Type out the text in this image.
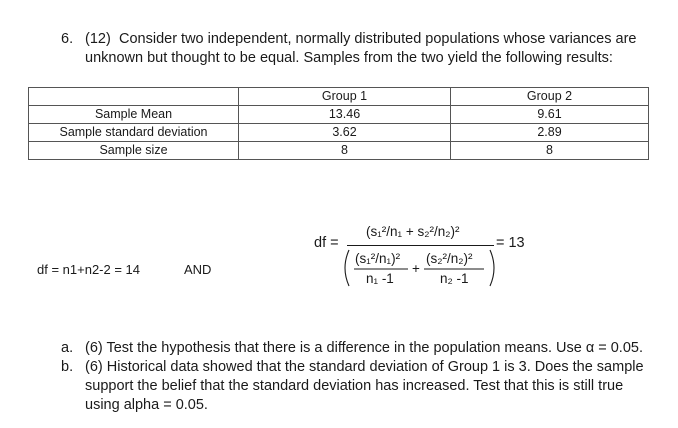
6. (12) Consider two independent, normally distributed populations whose variances are
unknown but thought to be equal. Samples from the two yield the following results:
	Group 1	Group 2
Sample Mean	13.46	9.61
Sample standard deviation	3.62	2.89
Sample size	8	8
df = n1+n2-2 = 14	AND
df =
(s₁²/n₁ + s₂²/n₂)²
(s₁²/n₁)²
n₁ -1
+
(s₂²/n₂)²
n₂ -1
= 13
a. (6) Test the hypothesis that there is a difference in the population means. Use α = 0.05.
b. (6) Historical data showed that the standard deviation of Group 1 is 3. Does the sample
support the belief that the standard deviation has increased. Test that this is still true
using alpha = 0.05.
